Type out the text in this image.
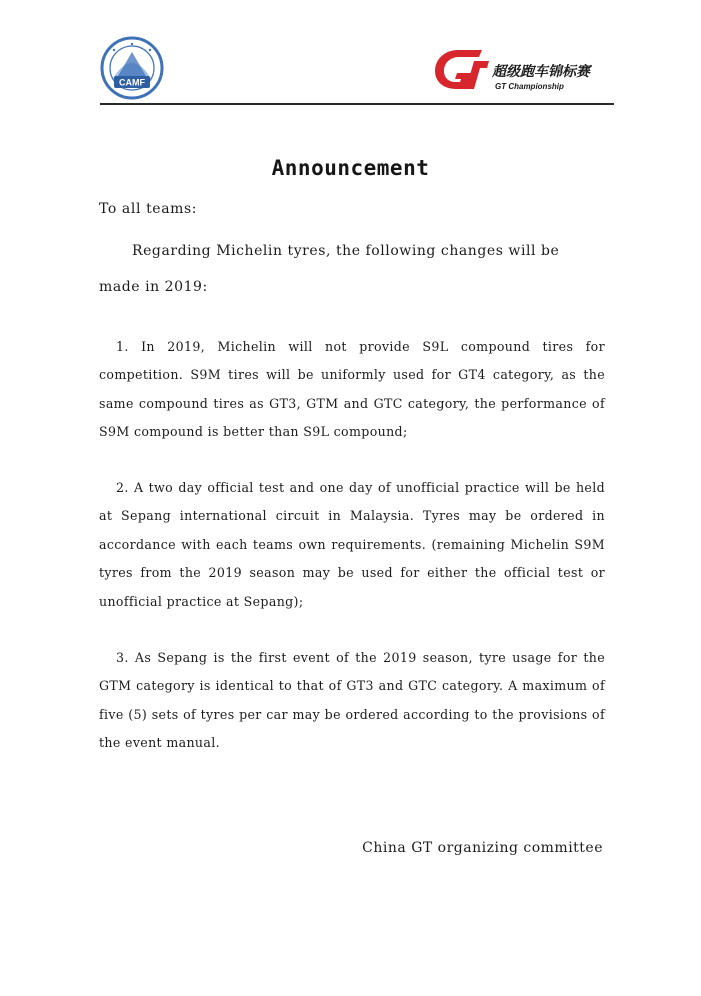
CAMF
超级跑车锦标赛
GT Championship
Announcement
To all teams:

Regarding Michelin tyres, the following changes will be made in 2019:

1. In 2019, Michelin will not provide S9L compound tires for competition. S9M tires will be uniformly used for GT4 category, as the same compound tires as GT3, GTM and GTC category, the performance of S9M compound is better than S9L compound;

2. A two day official test and one day of unofficial practice will be held at Sepang international circuit in Malaysia. Tyres may be ordered in accordance with each teams own requirements. (remaining Michelin S9M tyres from the 2019 season may be used for either the official test or unofficial practice at Sepang);

3. As Sepang is the first event of the 2019 season, tyre usage for the GTM category is identical to that of GT3 and GTC category. A maximum of five (5) sets of tyres per car may be ordered according to the provisions of the event manual.

China GT organizing committee
